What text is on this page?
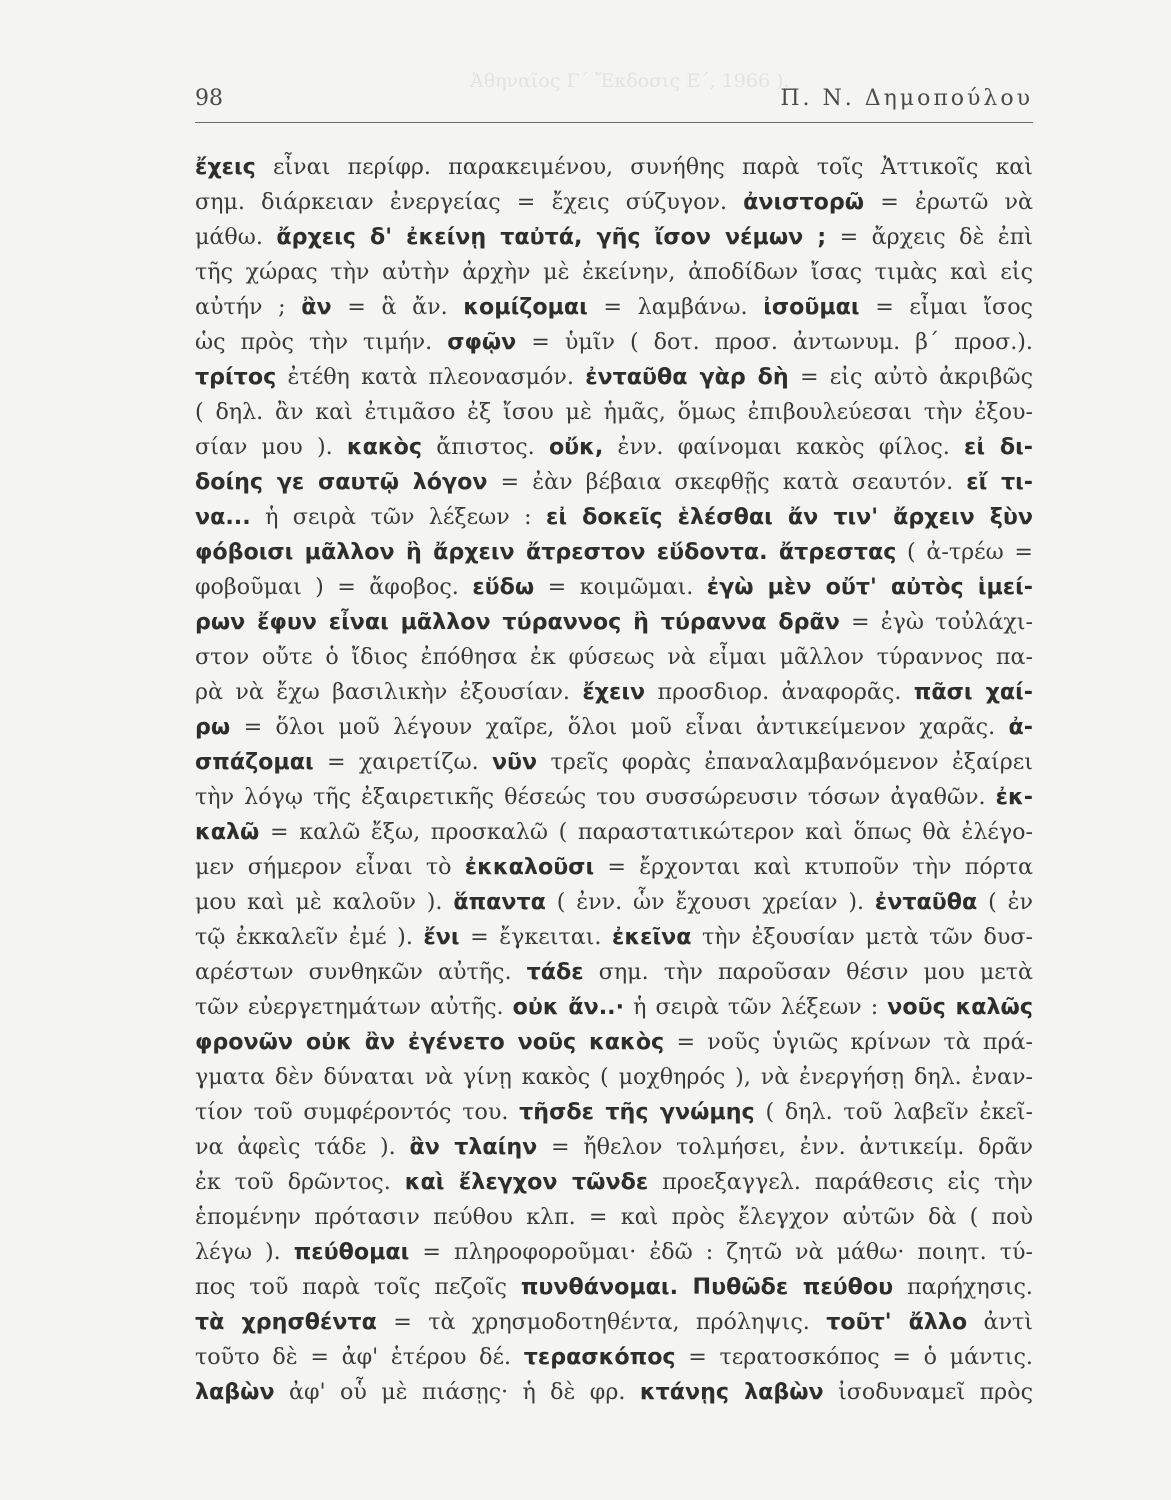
Ἀθηναῖος Γ΄ Ἔκδοσις Ε΄, 1966 ).
98	Π. Ν. Δημοπούλου
ἔχεις εἶναι περίφρ. παρακειμένου, συνήθης παρὰ τοῖς Ἀττικοῖς καὶ
σημ. διάρκειαν ἐνεργείας = ἔχεις σύζυγον. ἀνιστορῶ = ἐρωτῶ νὰ
μάθω. ἄρχεις δ' ἐκείνῃ ταὐτά, γῆς ἴσον νέμων ; = ἄρχεις δὲ ἐπὶ
τῆς χώρας τὴν αὐτὴν ἀρχὴν μὲ ἐκείνην, ἀποδίδων ἴσας τιμὰς καὶ εἰς
αὐτήν ; ἂν = ἃ ἄν. κομίζομαι = λαμβάνω. ἰσοῦμαι = εἶμαι ἴσος
ὡς πρὸς τὴν τιμήν. σφῷν = ὑμῖν ( δοτ. προσ. ἀντωνυμ. β΄ προσ.).
τρίτος ἐτέθη κατὰ πλεονασμόν. ἐνταῦθα γὰρ δὴ = εἰς αὐτὸ ἀκριβῶς
( δηλ. ἂν καὶ ἐτιμᾶσο ἐξ ἴσου μὲ ἡμᾶς, ὅμως ἐπιβουλεύεσαι τὴν ἐξου-
σίαν μου ). κακὸς ἄπιστος. οὔκ, ἐνν. φαίνομαι κακὸς φίλος. εἰ δι-
δοίης γε σαυτῷ λόγον = ἐὰν βέβαια σκεφθῇς κατὰ σεαυτόν. εἴ τι-
να... ἡ σειρὰ τῶν λέξεων : εἰ δοκεῖς ἑλέσθαι ἄν τιν' ἄρχειν ξὺν
φόβοισι μᾶλλον ἢ ἄρχειν ἄτρεστον εὕδοντα. ἄτρεστας ( ἀ-τρέω =
φοβοῦμαι ) = ἄφοβος. εὕδω = κοιμῶμαι. ἐγὼ μὲν οὔτ' αὐτὸς ἱμεί-
ρων ἔφυν εἶναι μᾶλλον τύραννος ἢ τύραννα δρᾶν = ἐγὼ τοὐλάχι-
στον οὔτε ὁ ἴδιος ἐπόθησα ἐκ φύσεως νὰ εἶμαι μᾶλλον τύραννος πα-
ρὰ νὰ ἔχω βασιλικὴν ἐξουσίαν. ἔχειν προσδιορ. ἀναφορᾶς. πᾶσι χαί-
ρω = ὅλοι μοῦ λέγουν χαῖρε, ὅλοι μοῦ εἶναι ἀντικείμενον χαρᾶς. ἀ-
σπάζομαι = χαιρετίζω. νῦν τρεῖς φορὰς ἐπαναλαμβανόμενον ἐξαίρει
τὴν λόγῳ τῆς ἐξαιρετικῆς θέσεώς του συσσώρευσιν τόσων ἀγαθῶν. ἐκ-
καλῶ = καλῶ ἔξω, προσκαλῶ ( παραστατικώτερον καὶ ὅπως θὰ ἐλέγο-
μεν σήμερον εἶναι τὸ ἐκκαλοῦσι = ἔρχονται καὶ κτυποῦν τὴν πόρτα
μου καὶ μὲ καλοῦν ). ἅπαντα ( ἐνν. ὧν ἔχουσι χρείαν ). ἐνταῦθα ( ἐν
τῷ ἐκκαλεῖν ἐμέ ). ἔνι = ἔγκειται. ἐκεῖνα τὴν ἐξουσίαν μετὰ τῶν δυσ-
αρέστων συνθηκῶν αὐτῆς. τάδε σημ. τὴν παροῦσαν θέσιν μου μετὰ
τῶν εὐεργετημάτων αὐτῆς. οὐκ ἄν..· ἡ σειρὰ τῶν λέξεων : νοῦς καλῶς
φρονῶν οὐκ ἂν ἐγένετο νοῦς κακὸς = νοῦς ὑγιῶς κρίνων τὰ πρά-
γματα δὲν δύναται νὰ γίνῃ κακὸς ( μοχθηρός ), νὰ ἐνεργήσῃ δηλ. ἐναν-
τίον τοῦ συμφέροντός του. τῆσδε τῆς γνώμης ( δηλ. τοῦ λαβεῖν ἐκεῖ-
να ἀφεὶς τάδε ). ἂν τλαίην = ἤθελον τολμήσει, ἐνν. ἀντικείμ. δρᾶν
ἐκ τοῦ δρῶντος. καὶ ἔλεγχον τῶνδε προεξαγγελ. παράθεσις εἰς τὴν
ἑπομένην πρότασιν πεύθου κλπ. = καὶ πρὸς ἔλεγχον αὐτῶν δὰ ( ποὺ
λέγω ). πεύθομαι = πληροφοροῦμαι· ἐδῶ : ζητῶ νὰ μάθω· ποιητ. τύ-
πος τοῦ παρὰ τοῖς πεζοῖς πυνθάνομαι. Πυθῶδε πεύθου παρήχησις.
τὰ χρησθέντα = τὰ χρησμοδοτηθέντα, πρόληψις. τοῦτ' ἄλλο ἀντὶ
τοῦτο δὲ = ἀφ' ἑτέρου δέ. τερασκόπος = τερατοσκόπος = ὁ μάντις.
λαβὼν ἀφ' οὗ μὲ πιάσῃς· ἡ δὲ φρ. κτάνῃς λαβὼν ἰσοδυναμεῖ πρὸς
